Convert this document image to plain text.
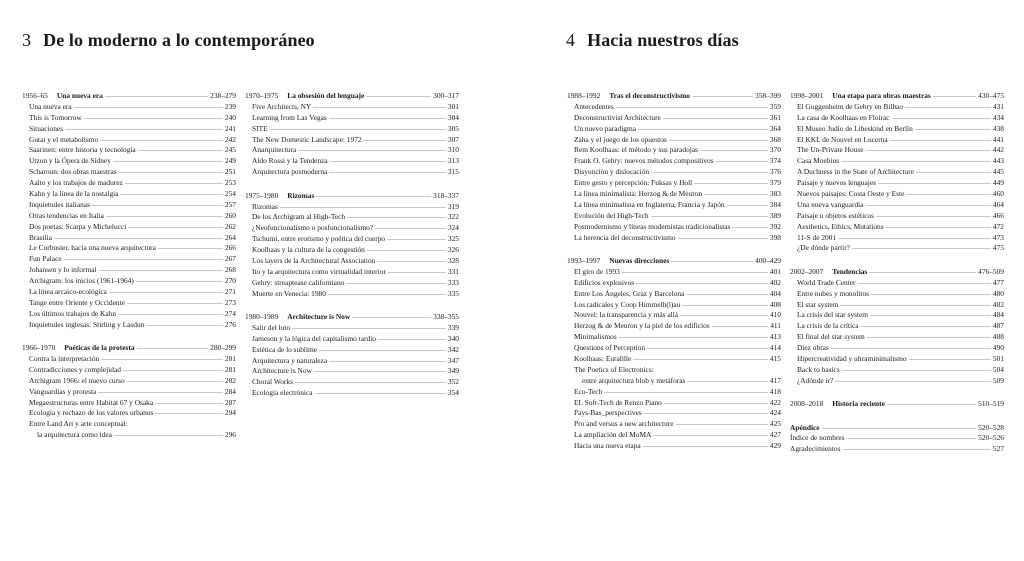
3 De lo moderno a lo contemporáneo	4 Hacia nuestros días
1956–65 Una nueva era	238–279
Una nueva era	239
This is Tomorrow	240
Situaciones	241
Gutai y el metabolismo	242
Saarinen: entre historia y tecnología	245
Utzon y la Ópera de Sídney	249
Scharoun: dos obras maestras	251
Aalto y los trabajos de madurez	253
Kahn y la línea de la nostalgia	254
Inquietudes italianas	257
Otras tendencias en Italia	260
Dos poetas: Scarpa y Michelucci	262
Brasilia	264
Le Corbusier, hacia una nueva arquitectura	266
Fun Palace	267
Johansen y lo informal	268
Archigram: los inicios (1961-1964)	270
La línea arcaico-ecológica	271
Tange entre Oriente y Occidente	273
Los últimos trabajos de Kahn	274
Inquietudes inglesas: Stirling y Lasdun	276
1966–1970 Poéticas de la protesta	280–299
Contra la interpretación	281
Contradicciones y complejidad	281
Archigram 1966: el nuevo curso	282
Vanguardias y protesta	284
Megaestructuras entre Habitat 67 y Osaka	287
Ecología y rechazo de los valores urbanos	294
Entre Land Art y arte conceptual:
la arquitectura como idea	296
1970–1975 La obsesión del lenguaje	300–317
Five Architects, NY	301
Learning from Las Vegas	304
SITE	305
The New Domestic Landscape: 1972	307
Anarquitectura	310
Aldo Rossi y la Tendenza	313
Arquitectura posmoderna	315
1975–1980 Rizomas	318–337
Rizomas	319
De los Archigram al High-Tech	322
¿Neofuncionalismo o posfuncionalismo?	324
Tschumi, entre erotismo y poética del cuerpo	325
Koolhaas y la cultura de la congestión	326
Los layers de la Architectural Association	328
Ito y la arquitectura como virtualidad interior	331
Gehry: streaptease californiano	333
Muerte en Venecia: 1980	335
1980–1989 Architecture is Now	338–355
Salir del luto	339
Jameson y la lógica del capitalismo tardío	340
Estética de lo sublime	342
Arquitectura y naturaleza	347
Architecture is Now	349
Choral Works	352
Ecología electrónica	354
1988–1992 Tras el deconstructivismo	358–399
Antecedentes	359
Deconstructivist Architecture	361
Un nuevo paradigma	364
Zaha y el juego de los opuestos	368
Rem Koolhaas: el método y sus paradojas	370
Frank O. Gehry: nuevos métodos compositivos	374
Disyunción y dislocación	376
Entre gesto y percepción: Fuksas y Holl	379
La línea minimalista: Herzog & de Meuron	383
La línea minimalista en Inglaterra, Francia y Japón	384
Evolución del High-Tech	389
Posmodernismo y líneas modernistas tradicionalistas	392
La herencia del deconstructivismo	398
1993–1997 Nuevas direcciones	400–429
El giro de 1993	401
Edificios explosivos	402
Entre Los Ángeles, Graz y Barcelona	404
Los radicales y Coop Himmelb(l)au	408
Nouvel: la transparencia y más allá	410
Herzog & de Meuron y la piel de los edificios	411
Minimalismos	413
Questions of Perception	414
Koolhaas: Euralille	415
The Poetics of Electronics:
entre arquitectura blob y metáforas	417
Eco-Tech	418
EL Soft-Tech de Renzo Piano	422
Pays-Bas_perspectives	424
Pro and versus a new architecture	425
La ampliación del MoMA	427
Hacia una nueva etapa	429
1998–2001 Una etapa para obras maestras	430–475
El Guggenheim de Gehry en Bilbao	431
La casa de Koolhaas en Floirac	434
El Museo Judío de Libeskind en Berlín	438
El KKL de Nouvel en Lucerna	441
The Un-Private House	442
Casa Moebius	443
A Duchness in the State of Architecture	445
Paisaje y nuevos lenguajes	449
Nuevos paisajes: Costa Oeste y Este	460
Una nueva vanguardia	464
Paisaje u objetos estéticos	466
Aesthetics, Ethics, Mutations	472
11-S de 2001	473
¿De dónde partir?	475
2002–2007 Tendencias	476–509
World Trade Center	477
Entre nubes y monolitos	480
El star system	482
La crisis del star system	484
La crisis de la crítica	487
El final del star system	488
Diez obras	490
Hipercreatividad y ultraminimalismo	501
Back to basics	504
¿Adónde ir?	509
2008–2018 Historia reciente	510–519
Apéndice	520–528
Índice de nombres	520–526
Agradecimientos	527
